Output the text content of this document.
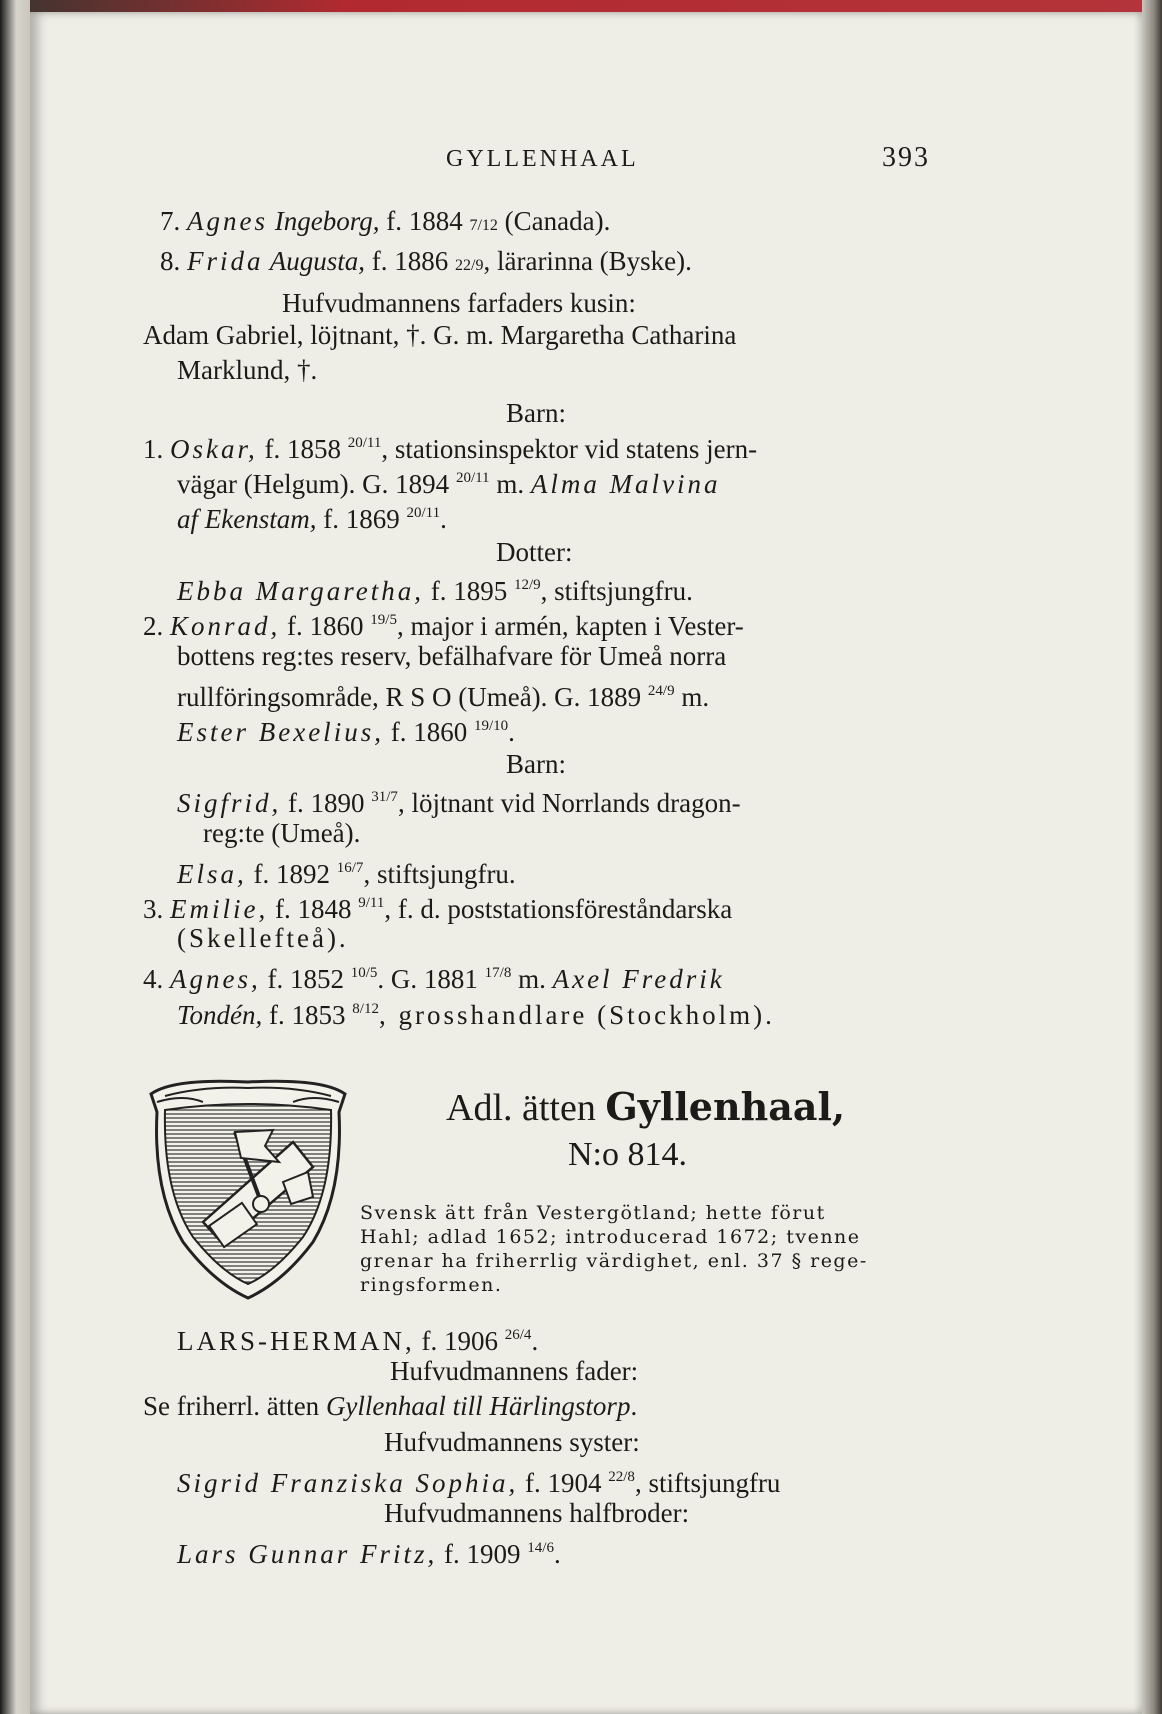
GYLLENHAAL	393
7. Agnes Ingeborg, f. 1884 7/12 (Canada).
8. Frida Augusta, f. 1886 22/9, lärarinna (Byske).
Hufvudmannens farfaders kusin:
Adam Gabriel, löjtnant, †. G. m. Margaretha Catharina
Marklund, †.
Barn:
1. Oskar, f. 1858 $^{20/11}$, stationsinspektor vid statens jern-
vägar (Helgum). G. 1894 $^{20/11}$ m. Alma Malvina
af Ekenstam, f. 1869 $^{20/11}$.
Dotter:
Ebba Margaretha, f. 1895 $^{12/9}$, stiftsjungfru.
2. Konrad, f. 1860 $^{19/5}$, major i armén, kapten i Vester-
bottens reg:tes reserv, befälhafvare för Umeå norra
rullföringsområde, R S O (Umeå). G. 1889 $^{24/9}$ m.
Ester Bexelius, f. 1860 $^{19/10}$.
Barn:
Sigfrid, f. 1890 $^{31/7}$, löjtnant vid Norrlands dragon-
reg:te (Umeå).
Elsa, f. 1892 $^{16/7}$, stiftsjungfru.
3. Emilie, f. 1848 $^{9/11}$, f. d. poststationsföreståndarska
(Skellefteå).
4. Agnes, f. 1852 $^{10/5}$. G. 1881 $^{17/8}$ m. Axel Fredrik
Tondén, f. 1853 $^{8/12}$, grosshandlare (Stockholm).
Adl. ätten Gyllenhaal,
N:o 814.
Svensk ätt från Vestergötland; hette förut
Hahl; adlad 1652; introducerad 1672; tvenne
grenar ha friherrlig värdighet, enl. 37 § rege-
ringsformen.
LARS-HERMAN, f. 1906 $^{26/4}$.
Hufvudmannens fader:
Se friherrl. ätten Gyllenhaal till Härlingstorp.
Hufvudmannens syster:
Sigrid Franziska Sophia, f. 1904 $^{22/8}$, stiftsjungfru
Hufvudmannens halfbroder:
Lars Gunnar Fritz, f. 1909 $^{14/6}$.
